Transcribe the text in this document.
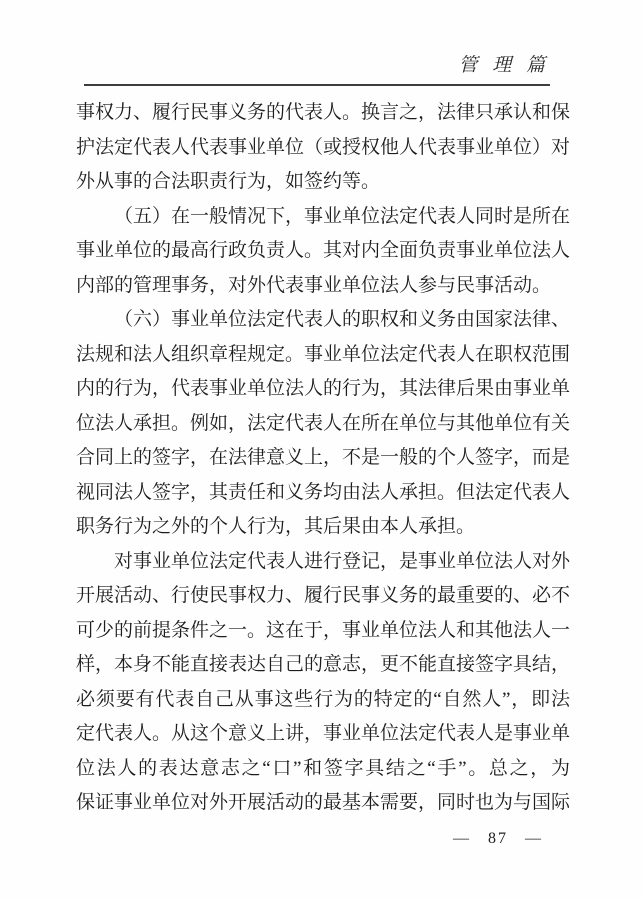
管 理 篇
事权力、履行民事义务的代表人。换言之，法律只承认和保
护法定代表人代表事业单位（或授权他人代表事业单位）对
外从事的合法职责行为，如签约等。
（五）在一般情况下，事业单位法定代表人同时是所在
事业单位的最高行政负责人。其对内全面负责事业单位法人
内部的管理事务，对外代表事业单位法人参与民事活动。
（六）事业单位法定代表人的职权和义务由国家法律、
法规和法人组织章程规定。事业单位法定代表人在职权范围
内的行为，代表事业单位法人的行为，其法律后果由事业单
位法人承担。例如，法定代表人在所在单位与其他单位有关
合同上的签字，在法律意义上，不是一般的个人签字，而是
视同法人签字，其责任和义务均由法人承担。但法定代表人
职务行为之外的个人行为，其后果由本人承担。
对事业单位法定代表人进行登记，是事业单位法人对外
开展活动、行使民事权力、履行民事义务的最重要的、必不
可少的前提条件之一。这在于，事业单位法人和其他法人一
样，本身不能直接表达自己的意志，更不能直接签字具结，
必须要有代表自己从事这些行为的特定的“自然人”，即法
定代表人。从这个意义上讲，事业单位法定代表人是事业单
位法人的表达意志之“口”和签字具结之“手”。总之，为
保证事业单位对外开展活动的最基本需要，同时也为与国际
— 87 —
